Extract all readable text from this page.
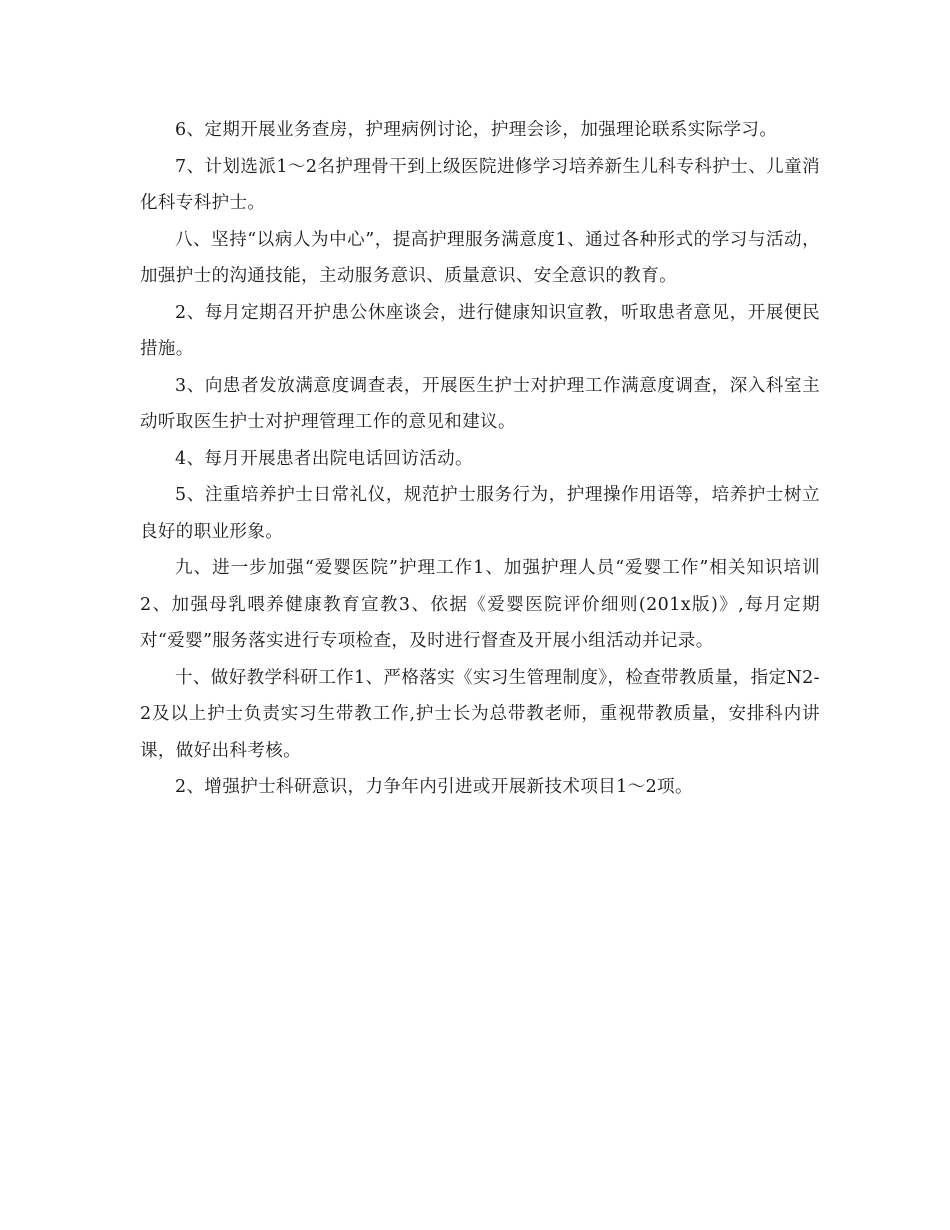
6、定期开展业务查房，护理病例讨论，护理会诊，加强理论联系实际学习。

7、计划选派1～2名护理骨干到上级医院进修学习培养新生儿科专科护士、儿童消化科专科护士。

八、坚持“以病人为中心”，提高护理服务满意度1、通过各种形式的学习与活动，加强护士的沟通技能，主动服务意识、质量意识、安全意识的教育。

2、每月定期召开护患公休座谈会，进行健康知识宣教，听取患者意见，开展便民措施。

3、向患者发放满意度调查表，开展医生护士对护理工作满意度调查，深入科室主动听取医生护士对护理管理工作的意见和建议。

4、每月开展患者出院电话回访活动。

5、注重培养护士日常礼仪，规范护士服务行为，护理操作用语等，培养护士树立良好的职业形象。

九、进一步加强“爱婴医院”护理工作1、加强护理人员“爱婴工作”相关知识培训2、加强母乳喂养健康教育宣教3、依据《爱婴医院评价细则(201x版)》,每月定期对“爱婴”服务落实进行专项检查，及时进行督查及开展小组活动并记录。

十、做好教学科研工作1、严格落实《实习生管理制度》，检查带教质量，指定N2-2及以上护士负责实习生带教工作,护士长为总带教老师，重视带教质量，安排科内讲课，做好出科考核。

2、增强护士科研意识，力争年内引进或开展新技术项目1～2项。
